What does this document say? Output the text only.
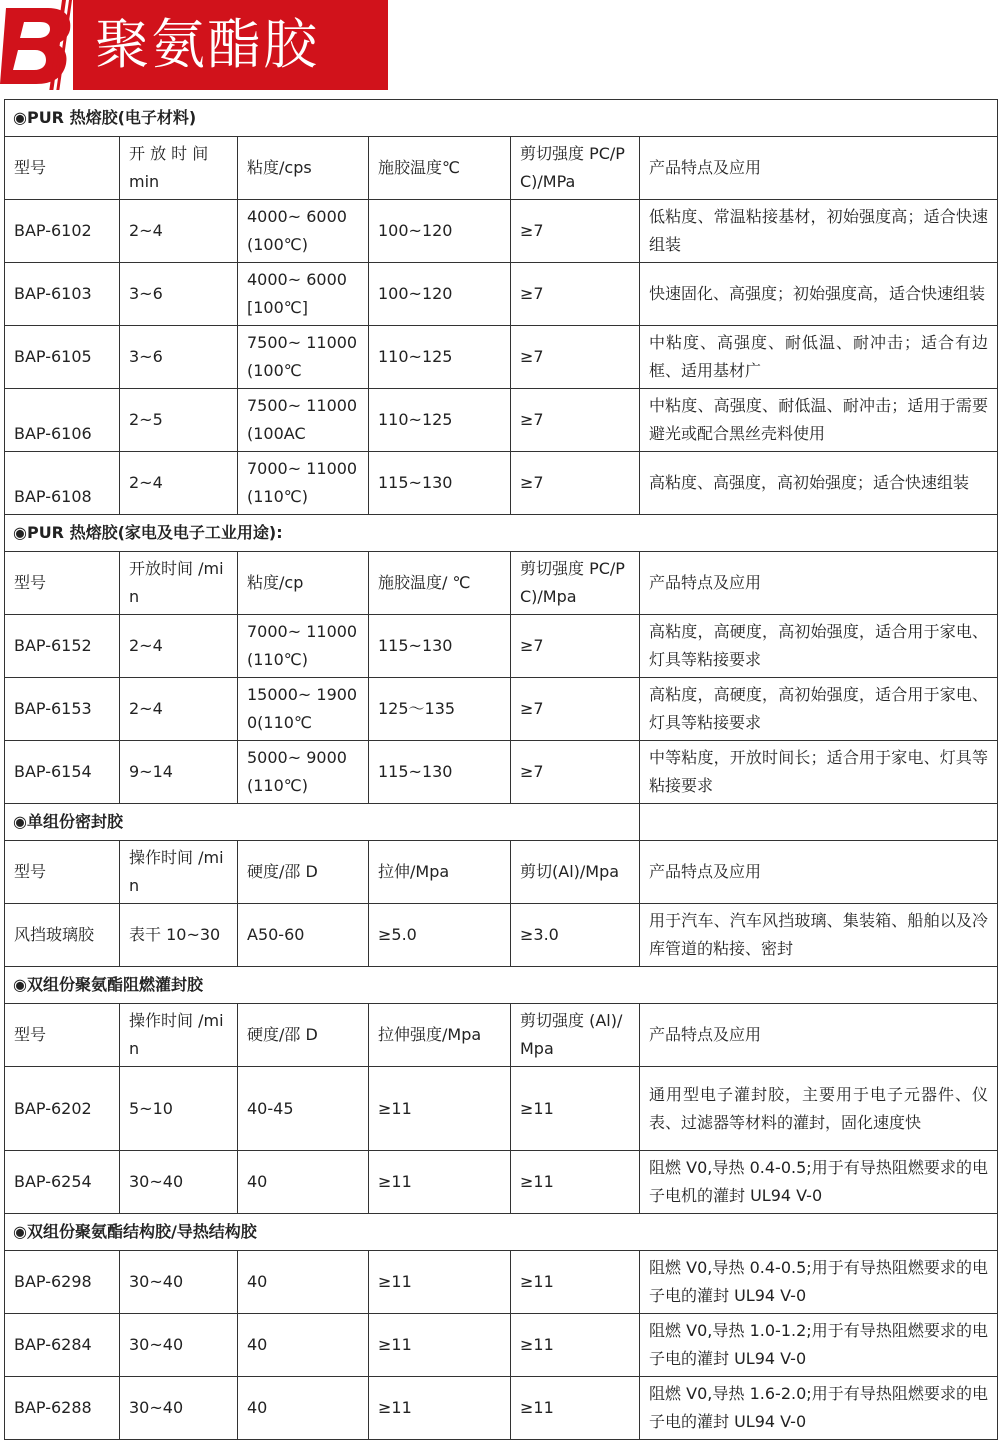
聚氨酯胶
◉PUR 热熔胶(电子材料)					
型号	开 放 时 间 min	粘度/cps	施胶温度℃	剪切强度 PC/PC)/MPa	产品特点及应用
BAP-6102	2~4	4000~ 6000(100℃)	100~120	≥7	低粘度、常温粘接基材，初始强度高；适合快速组装
BAP-6103	3~6	4000~ 6000[100℃]	100~120	≥7	快速固化、高强度；初始强度高，适合快速组装
BAP-6105	3~6	7500~ 11000(100℃	110~125	≥7	中粘度、高强度、耐低温、耐冲击；适合有边框、适用基材广
BAP-6106	2~5	7500~ 11000(100AC	110~125	≥7	中粘度、高强度、耐低温、耐冲击；适用于需要避光或配合黑丝壳料使用
BAP-6108	2~4	7000~ 11000(110℃)	115~130	≥7	高粘度、高强度，高初始强度；适合快速组装
◉PUR 热熔胶(家电及电子工业用途):					
型号	开放时间 /min	粘度/cp	施胶温度/ ℃	剪切强度 PC/PC)/Mpa	产品特点及应用
BAP-6152	2~4	7000~ 11000(110℃)	115~130	≥7	高粘度，高硬度，高初始强度，适合用于家电、灯具等粘接要求
BAP-6153	2~4	15000~ 19000(110℃	125～135	≥7	高粘度，高硬度，高初始强度，适合用于家电、灯具等粘接要求
BAP-6154	9~14	5000~ 9000(110℃)	115~130	≥7	中等粘度，开放时间长；适合用于家电、灯具等粘接要求
◉单组份密封胶					
型号	操作时间 /min	硬度/邵 D	拉伸/Mpa	剪切(Al)/Mpa	产品特点及应用
风挡玻璃胶	表干 10~30	A50-60	≥5.0	≥3.0	用于汽车、汽车风挡玻璃、集装箱、船舶以及冷库管道的粘接、密封
◉双组份聚氨酯阻燃灌封胶					
型号	操作时间 /min	硬度/邵 D	拉伸强度/Mpa	剪切强度 (Al)/Mpa	产品特点及应用
BAP-6202	5~10	40-45	≥11	≥11	通用型电子灌封胶，主要用于电子元器件、仪表、过滤器等材料的灌封，固化速度快
BAP-6254	30~40	40	≥11	≥11	阻燃 V0,导热 0.4-0.5;用于有导热阻燃要求的电子电机的灌封 UL94 V-0
◉双组份聚氨酯结构胶/导热结构胶					
BAP-6298	30~40	40	≥11	≥11	阻燃 V0,导热 0.4-0.5;用于有导热阻燃要求的电子电的灌封 UL94 V-0
BAP-6284	30~40	40	≥11	≥11	阻燃 V0,导热 1.0-1.2;用于有导热阻燃要求的电子电的灌封 UL94 V-0
BAP-6288	30~40	40	≥11	≥11	阻燃 V0,导热 1.6-2.0;用于有导热阻燃要求的电子电的灌封 UL94 V-0
